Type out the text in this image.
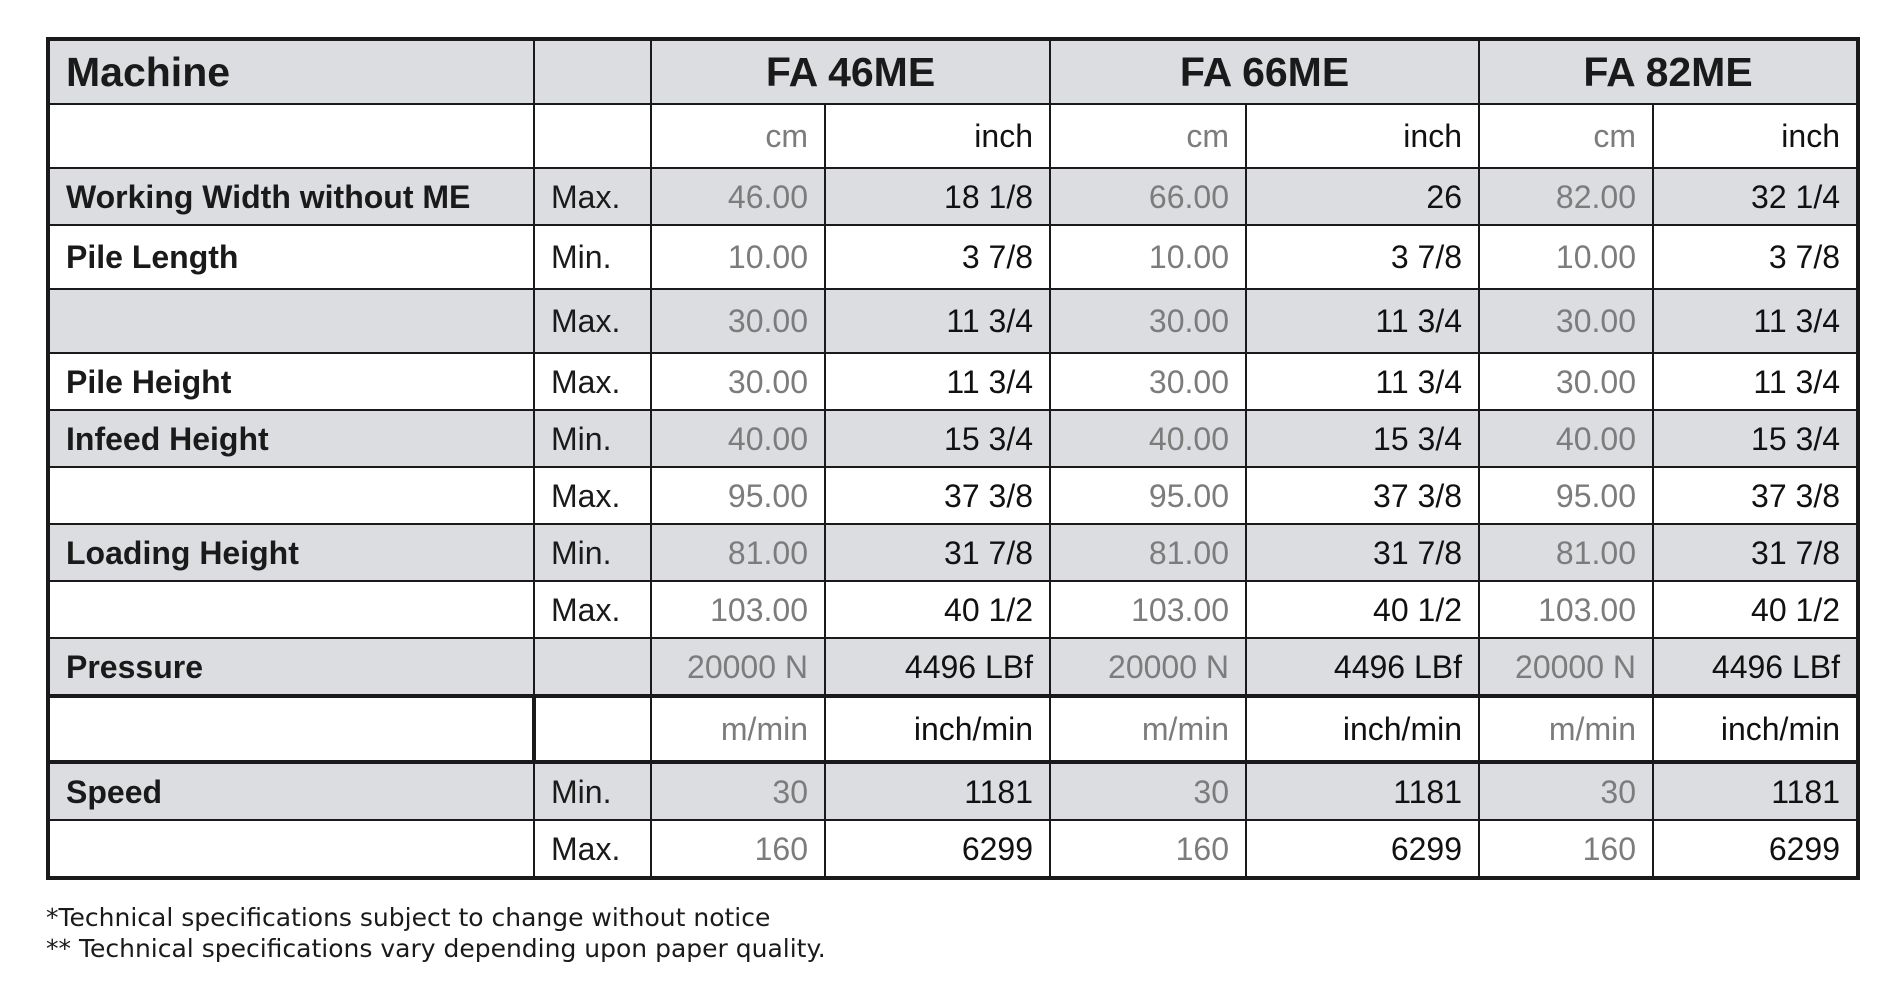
Machine		FA 46ME		FA 66ME		FA 82ME	
		cm	inch	cm	inch	cm	inch
Working Width without ME	Max.	46.00	18 1/8	66.00	26	82.00	32 1/4
Pile Length	Min.	10.00	3 7/8	10.00	3 7/8	10.00	3 7/8
	Max.	30.00	11 3/4	30.00	11 3/4	30.00	11 3/4
Pile Height	Max.	30.00	11 3/4	30.00	11 3/4	30.00	11 3/4
Infeed Height	Min.	40.00	15 3/4	40.00	15 3/4	40.00	15 3/4
	Max.	95.00	37 3/8	95.00	37 3/8	95.00	37 3/8
Loading Height	Min.	81.00	31 7/8	81.00	31 7/8	81.00	31 7/8
	Max.	103.00	40 1/2	103.00	40 1/2	103.00	40 1/2
Pressure		20000 N	4496 LBf	20000 N	4496 LBf	20000 N	4496 LBf
		m/min	inch/min	m/min	inch/min	m/min	inch/min
Speed	Min.	30	1181	30	1181	30	1181
	Max.	160	6299	160	6299	160	6299
*Technical specifications subject to change without notice
** Technical specifications vary depending upon paper quality.
